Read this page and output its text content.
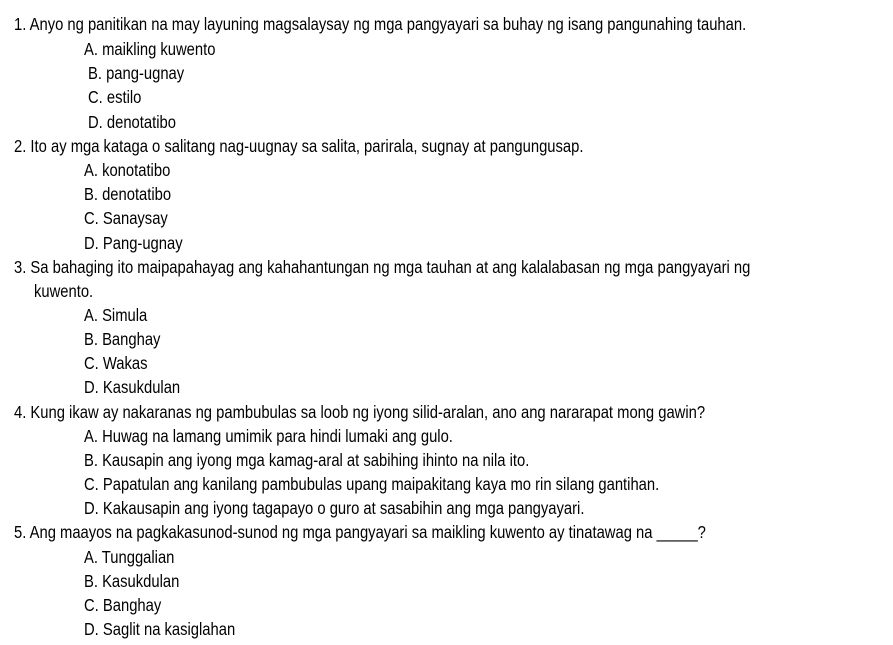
1. Anyo ng panitikan na may layuning magsalaysay ng mga pangyayari sa buhay ng isang pangunahing tauhan.
A. maikling kuwento
B. pang-ugnay
C. estilo
D. denotatibo
2. Ito ay mga kataga o salitang nag-uugnay sa salita, parirala, sugnay at pangungusap.
A. konotatibo
B. denotatibo
C. Sanaysay
D. Pang-ugnay
3. Sa bahaging ito maipapahayag ang kahahantungan ng mga tauhan at ang kalalabasan ng mga pangyayari ng
kuwento.
A. Simula
B. Banghay
C. Wakas
D. Kasukdulan
4. Kung ikaw ay nakaranas ng pambubulas sa loob ng iyong silid-aralan, ano ang nararapat mong gawin?
A. Huwag na lamang umimik para hindi lumaki ang gulo.
B. Kausapin ang iyong mga kamag-aral at sabihing ihinto na nila ito.
C. Papatulan ang kanilang pambubulas upang maipakitang kaya mo rin silang gantihan.
D. Kakausapin ang iyong tagapayo o guro at sasabihin ang mga pangyayari.
5. Ang maayos na pagkakasunod-sunod ng mga pangyayari sa maikling kuwento ay tinatawag na _____?
A. Tunggalian
B. Kasukdulan
C. Banghay
D. Saglit na kasiglahan
